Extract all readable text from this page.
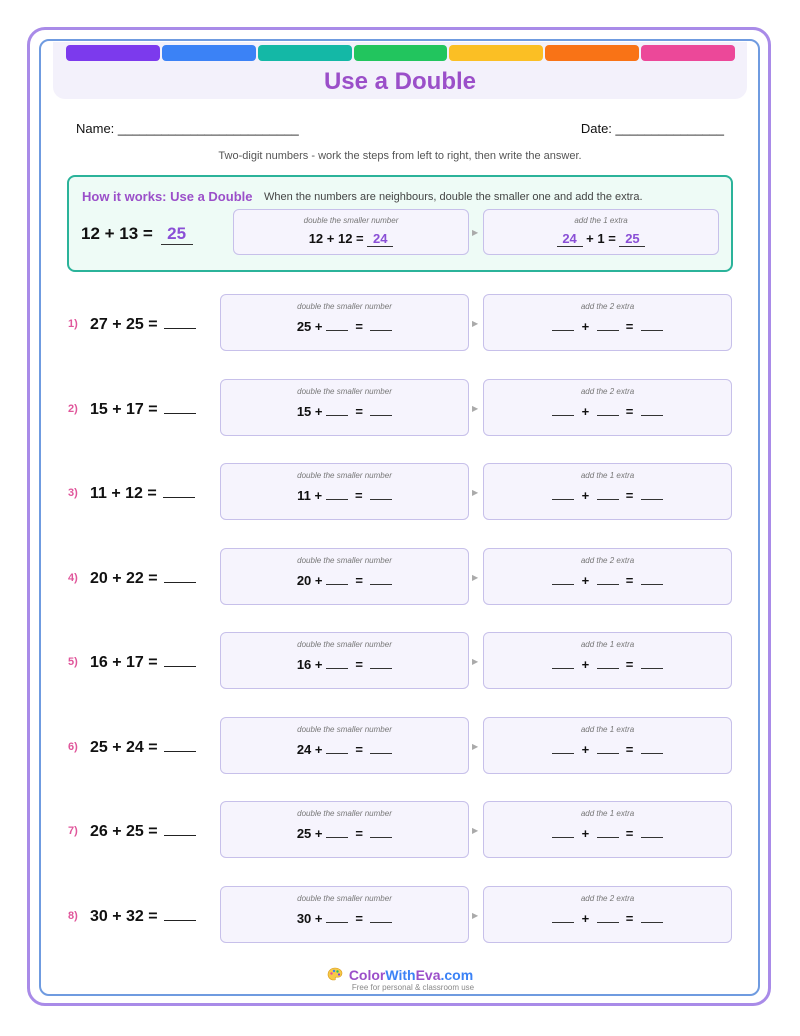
Use a Double
Name: _________________________	Date: _______________
Two-digit numbers - work the steps from left to right, then write the answer.
How it works: Use a Double When the numbers are neighbours, double the smaller one and add the extra.
12 + 13 = 25
double the smaller number
12 + 12 = 24	▶
add the 1 extra
24 + 1 = 25
1) 27 + 25 =
double the smaller number
25 +   =	▶
add the 2 extra
+    =
2) 15 + 17 =
double the smaller number
15 +   =	▶
add the 2 extra
+    =
3) 11 + 12 =
double the smaller number
11 +   =	▶
add the 1 extra
+    =
4) 20 + 22 =
double the smaller number
20 +   =	▶
add the 2 extra
+    =
5) 16 + 17 =
double the smaller number
16 +   =	▶
add the 1 extra
+    =
6) 25 + 24 =
double the smaller number
24 +   =	▶
add the 1 extra
+    =
7) 26 + 25 =
double the smaller number
25 +   =	▶
add the 1 extra
+    =
8) 30 + 32 =
double the smaller number
30 +   =	▶
add the 2 extra
+    =
ColorWithEva.com
Free for personal & classroom use
